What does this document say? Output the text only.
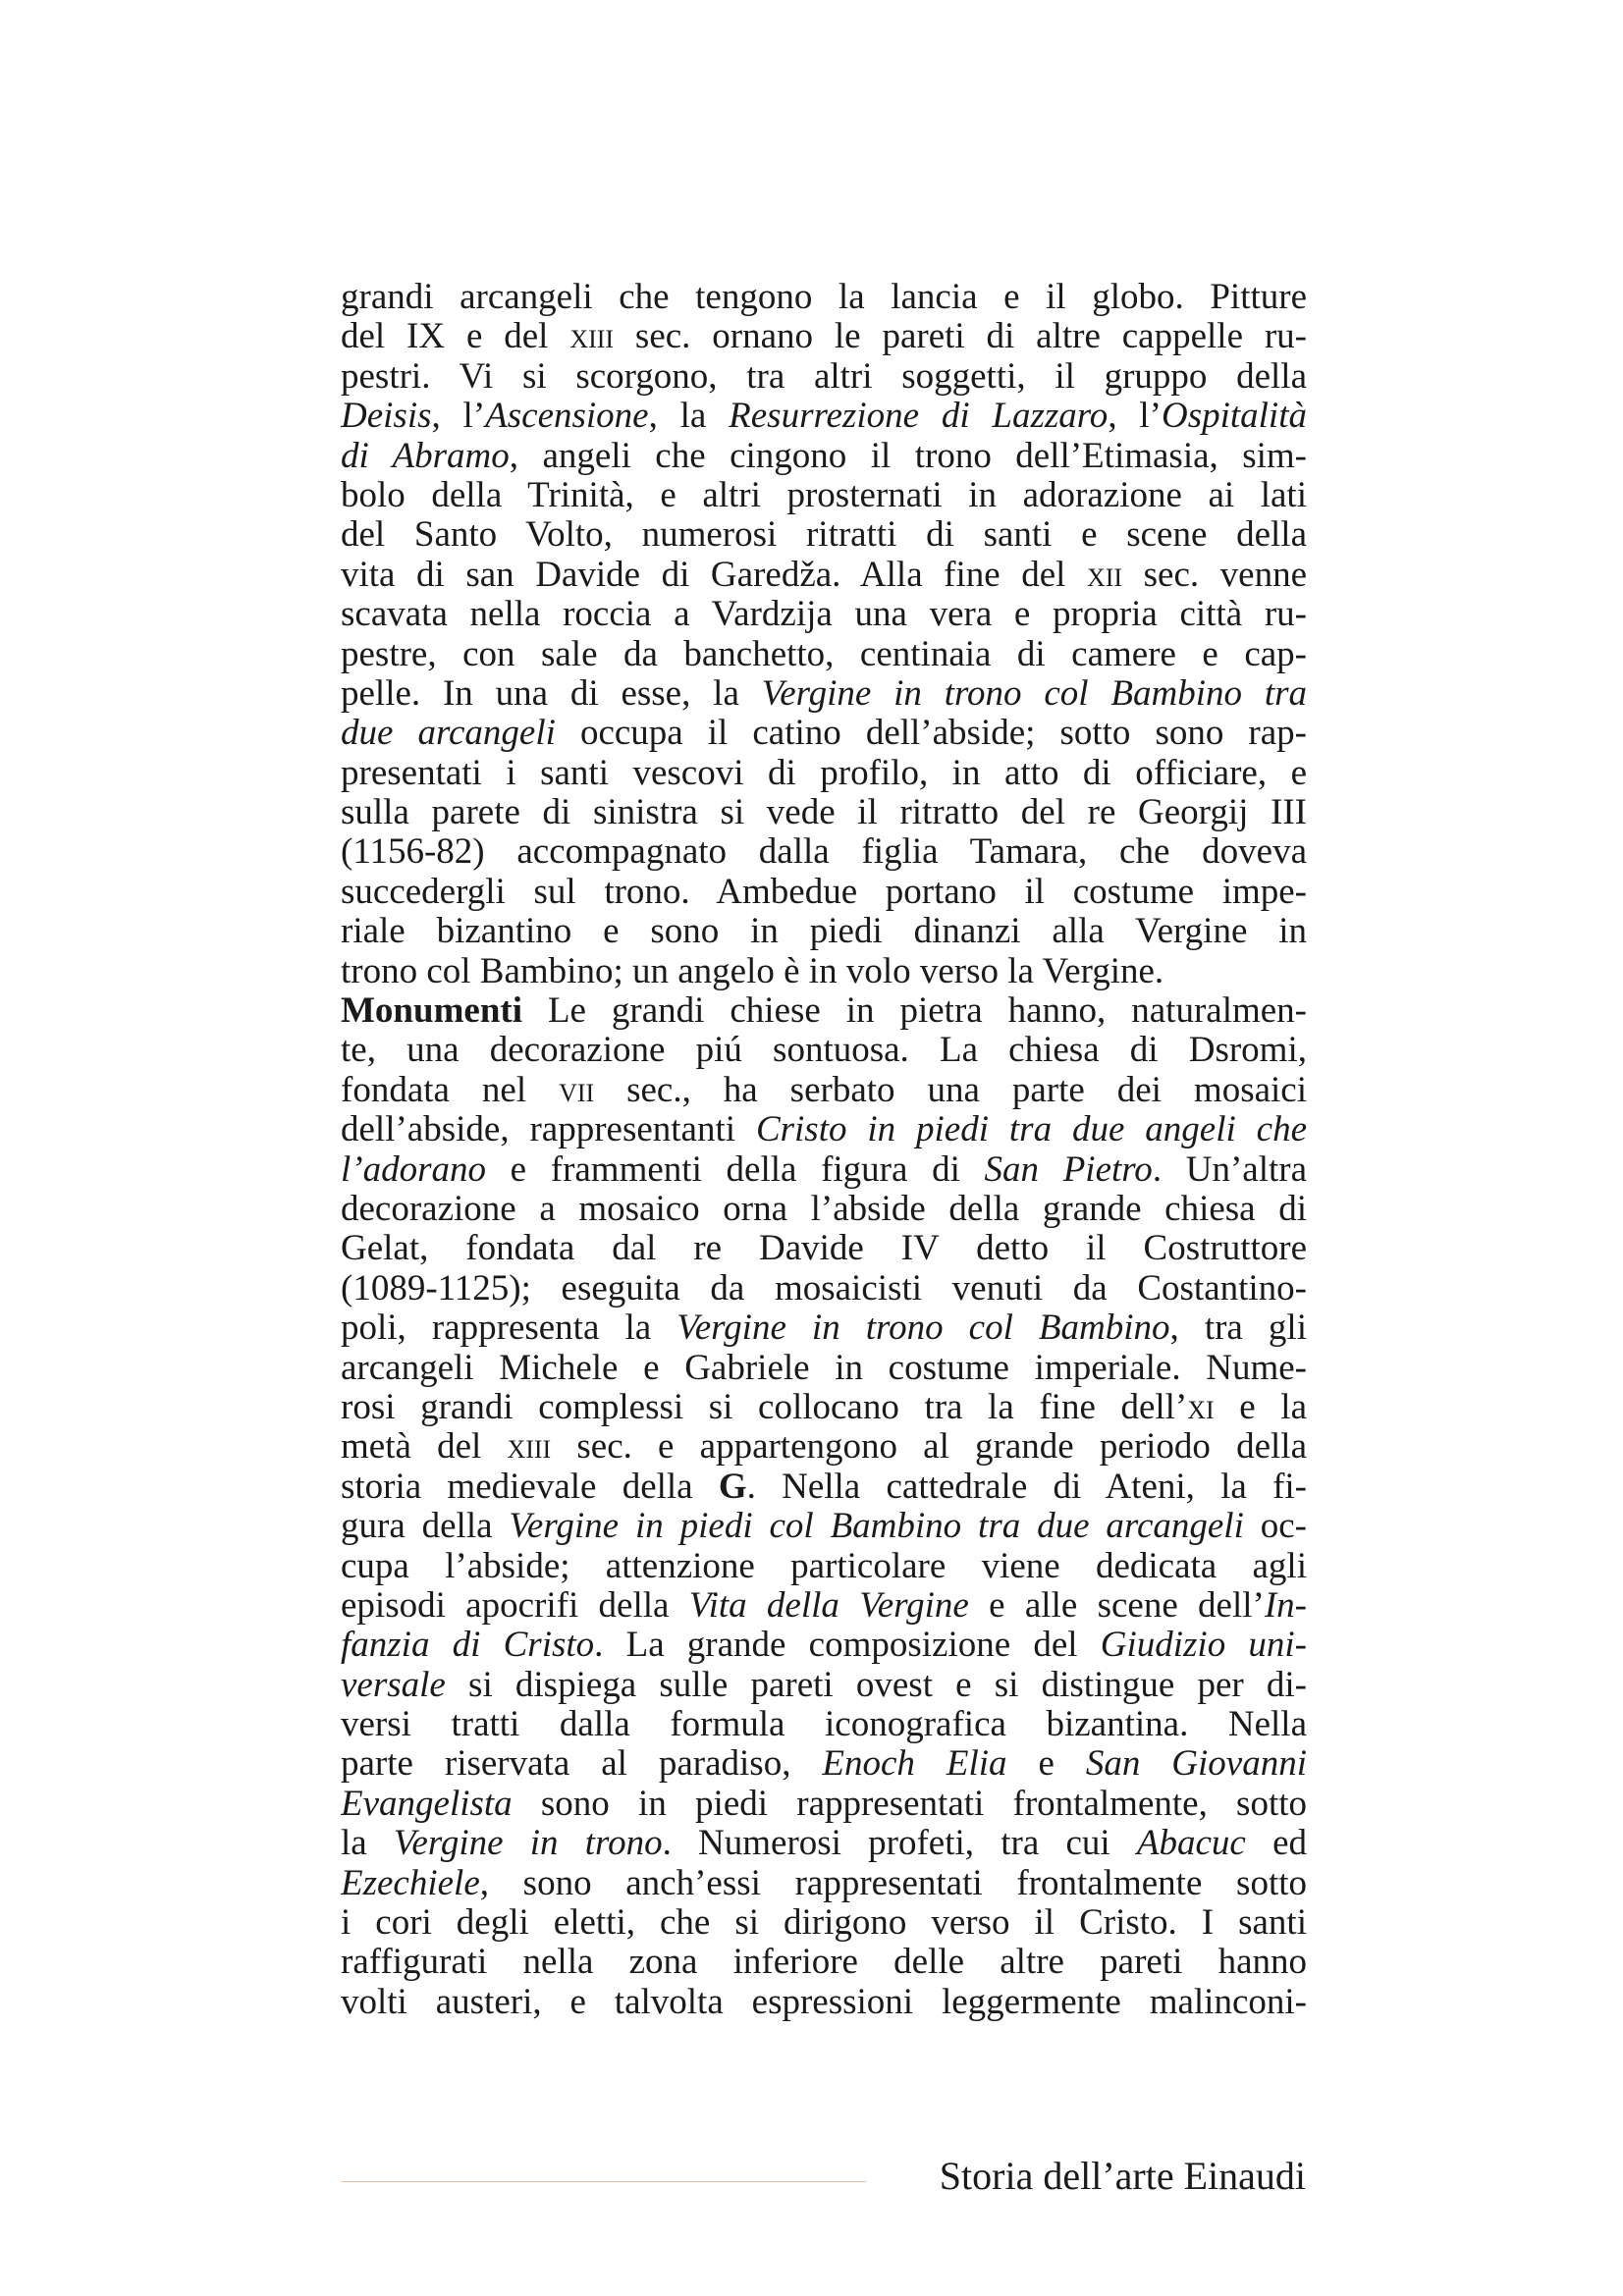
grandi arcangeli che tengono la lancia e il globo. Pitture
del IX e del xiii sec. ornano le pareti di altre cappelle ru-
pestri. Vi si scorgono, tra altri soggetti, il gruppo della
Deisis, l’Ascensione, la Resurrezione di Lazzaro, l’Ospitalità
di Abramo, angeli che cingono il trono dell’Etimasia, sim-
bolo della Trinità, e altri prosternati in adorazione ai lati
del Santo Volto, numerosi ritratti di santi e scene della
vita di san Davide di Garedža. Alla fine del xii sec. venne
scavata nella roccia a Vardzija una vera e propria città ru-
pestre, con sale da banchetto, centinaia di camere e cap-
pelle. In una di esse, la Vergine in trono col Bambino tra
due arcangeli occupa il catino dell’abside; sotto sono rap-
presentati i santi vescovi di profilo, in atto di officiare, e
sulla parete di sinistra si vede il ritratto del re Georgij III
(1156-82) accompagnato dalla figlia Tamara, che doveva
succedergli sul trono. Ambedue portano il costume impe-
riale bizantino e sono in piedi dinanzi alla Vergine in
trono col Bambino; un angelo è in volo verso la Vergine.
Monumenti Le grandi chiese in pietra hanno, naturalmen-
te, una decorazione piú sontuosa. La chiesa di Dsromi,
fondata nel vii sec., ha serbato una parte dei mosaici
dell’abside, rappresentanti Cristo in piedi tra due angeli che
l’adorano e frammenti della figura di San Pietro. Un’altra
decorazione a mosaico orna l’abside della grande chiesa di
Gelat, fondata dal re Davide IV detto il Costruttore
(1089-1125); eseguita da mosaicisti venuti da Costantino-
poli, rappresenta la Vergine in trono col Bambino, tra gli
arcangeli Michele e Gabriele in costume imperiale. Nume-
rosi grandi complessi si collocano tra la fine dell’xi e la
metà del xiii sec. e appartengono al grande periodo della
storia medievale della G. Nella cattedrale di Ateni, la fi-
gura della Vergine in piedi col Bambino tra due arcangeli oc-
cupa l’abside; attenzione particolare viene dedicata agli
episodi apocrifi della Vita della Vergine e alle scene dell’In-
fanzia di Cristo. La grande composizione del Giudizio uni-
versale si dispiega sulle pareti ovest e si distingue per di-
versi tratti dalla formula iconografica bizantina. Nella
parte riservata al paradiso, Enoch Elia e San Giovanni
Evangelista sono in piedi rappresentati frontalmente, sotto
la Vergine in trono. Numerosi profeti, tra cui Abacuc ed
Ezechiele, sono anch’essi rappresentati frontalmente sotto
i cori degli eletti, che si dirigono verso il Cristo. I santi
raffigurati nella zona inferiore delle altre pareti hanno
volti austeri, e talvolta espressioni leggermente malinconi-
Storia dell’arte Einaudi
